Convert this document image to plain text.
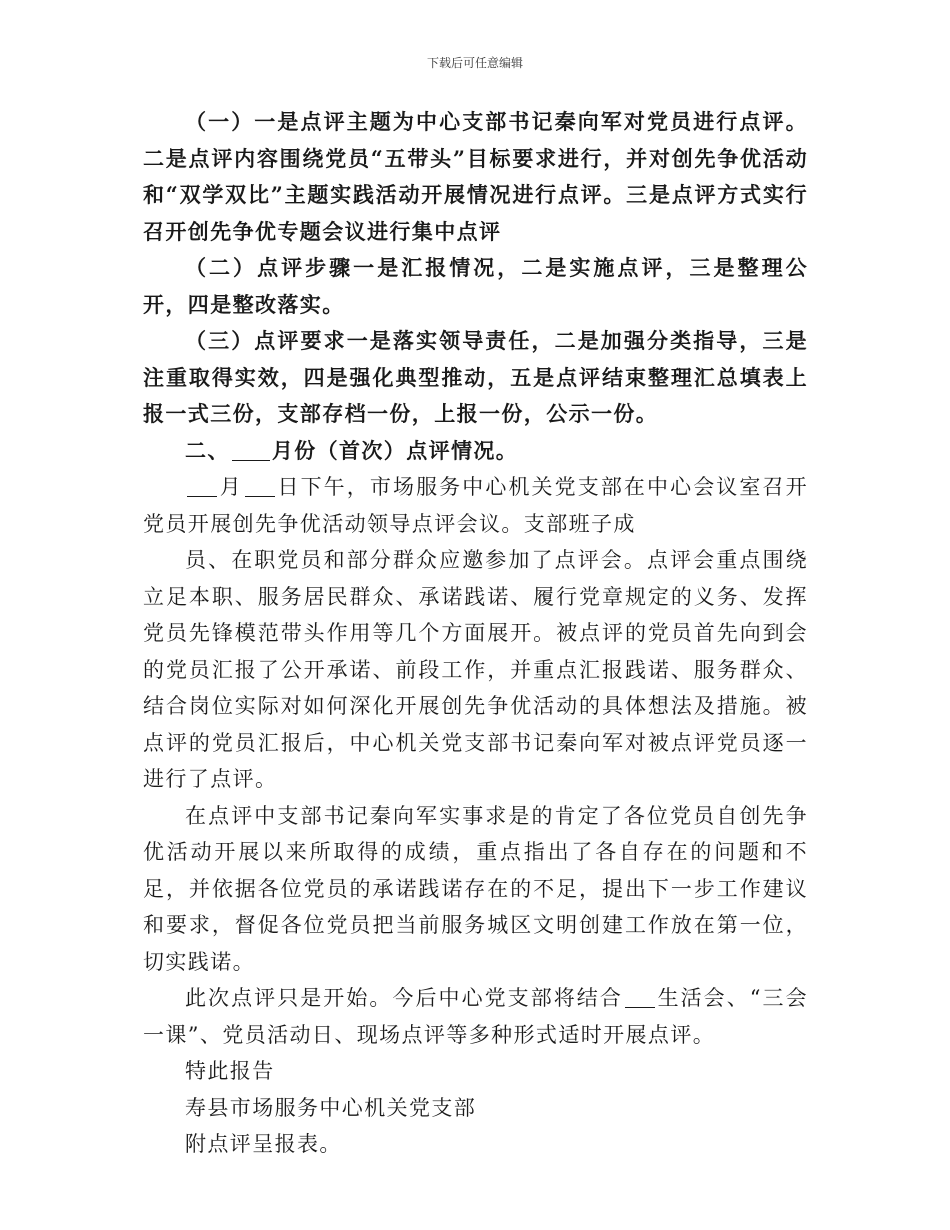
下载后可任意编辑

（一）一是点评主题为中心支部书记秦向军对党员进行点评。二是点评内容围绕党员“五带头”目标要求进行，并对创先争优活动和“双学双比”主题实践活动开展情况进行点评。三是点评方式实行召开创先争优专题会议进行集中点评

（二）点评步骤一是汇报情况，二是实施点评，三是整理公开，四是整改落实。

（三）点评要求一是落实领导责任，二是加强分类指导，三是注重取得实效，四是强化典型推动，五是点评结束整理汇总填表上报一式三份，支部存档一份，上报一份，公示一份。

二、 月份（首次）点评情况。

月 日下午，市场服务中心机关党支部在中心会议室召开党员开展创先争优活动领导点评会议。支部班子成

员、在职党员和部分群众应邀参加了点评会。点评会重点围绕立足本职、服务居民群众、承诺践诺、履行党章规定的义务、发挥党员先锋模范带头作用等几个方面展开。被点评的党员首先向到会的党员汇报了公开承诺、前段工作，并重点汇报践诺、服务群众、结合岗位实际对如何深化开展创先争优活动的具体想法及措施。被点评的党员汇报后，中心机关党支部书记秦向军对被点评党员逐一进行了点评。

在点评中支部书记秦向军实事求是的肯定了各位党员自创先争优活动开展以来所取得的成绩，重点指出了各自存在的问题和不足，并依据各位党员的承诺践诺存在的不足，提出下一步工作建议和要求，督促各位党员把当前服务城区文明创建工作放在第一位，切实践诺。

此次点评只是开始。今后中心党支部将结合 生活会、“三会一课”、党员活动日、现场点评等多种形式适时开展点评。

特此报告

寿县市场服务中心机关党支部

附点评呈报表。
